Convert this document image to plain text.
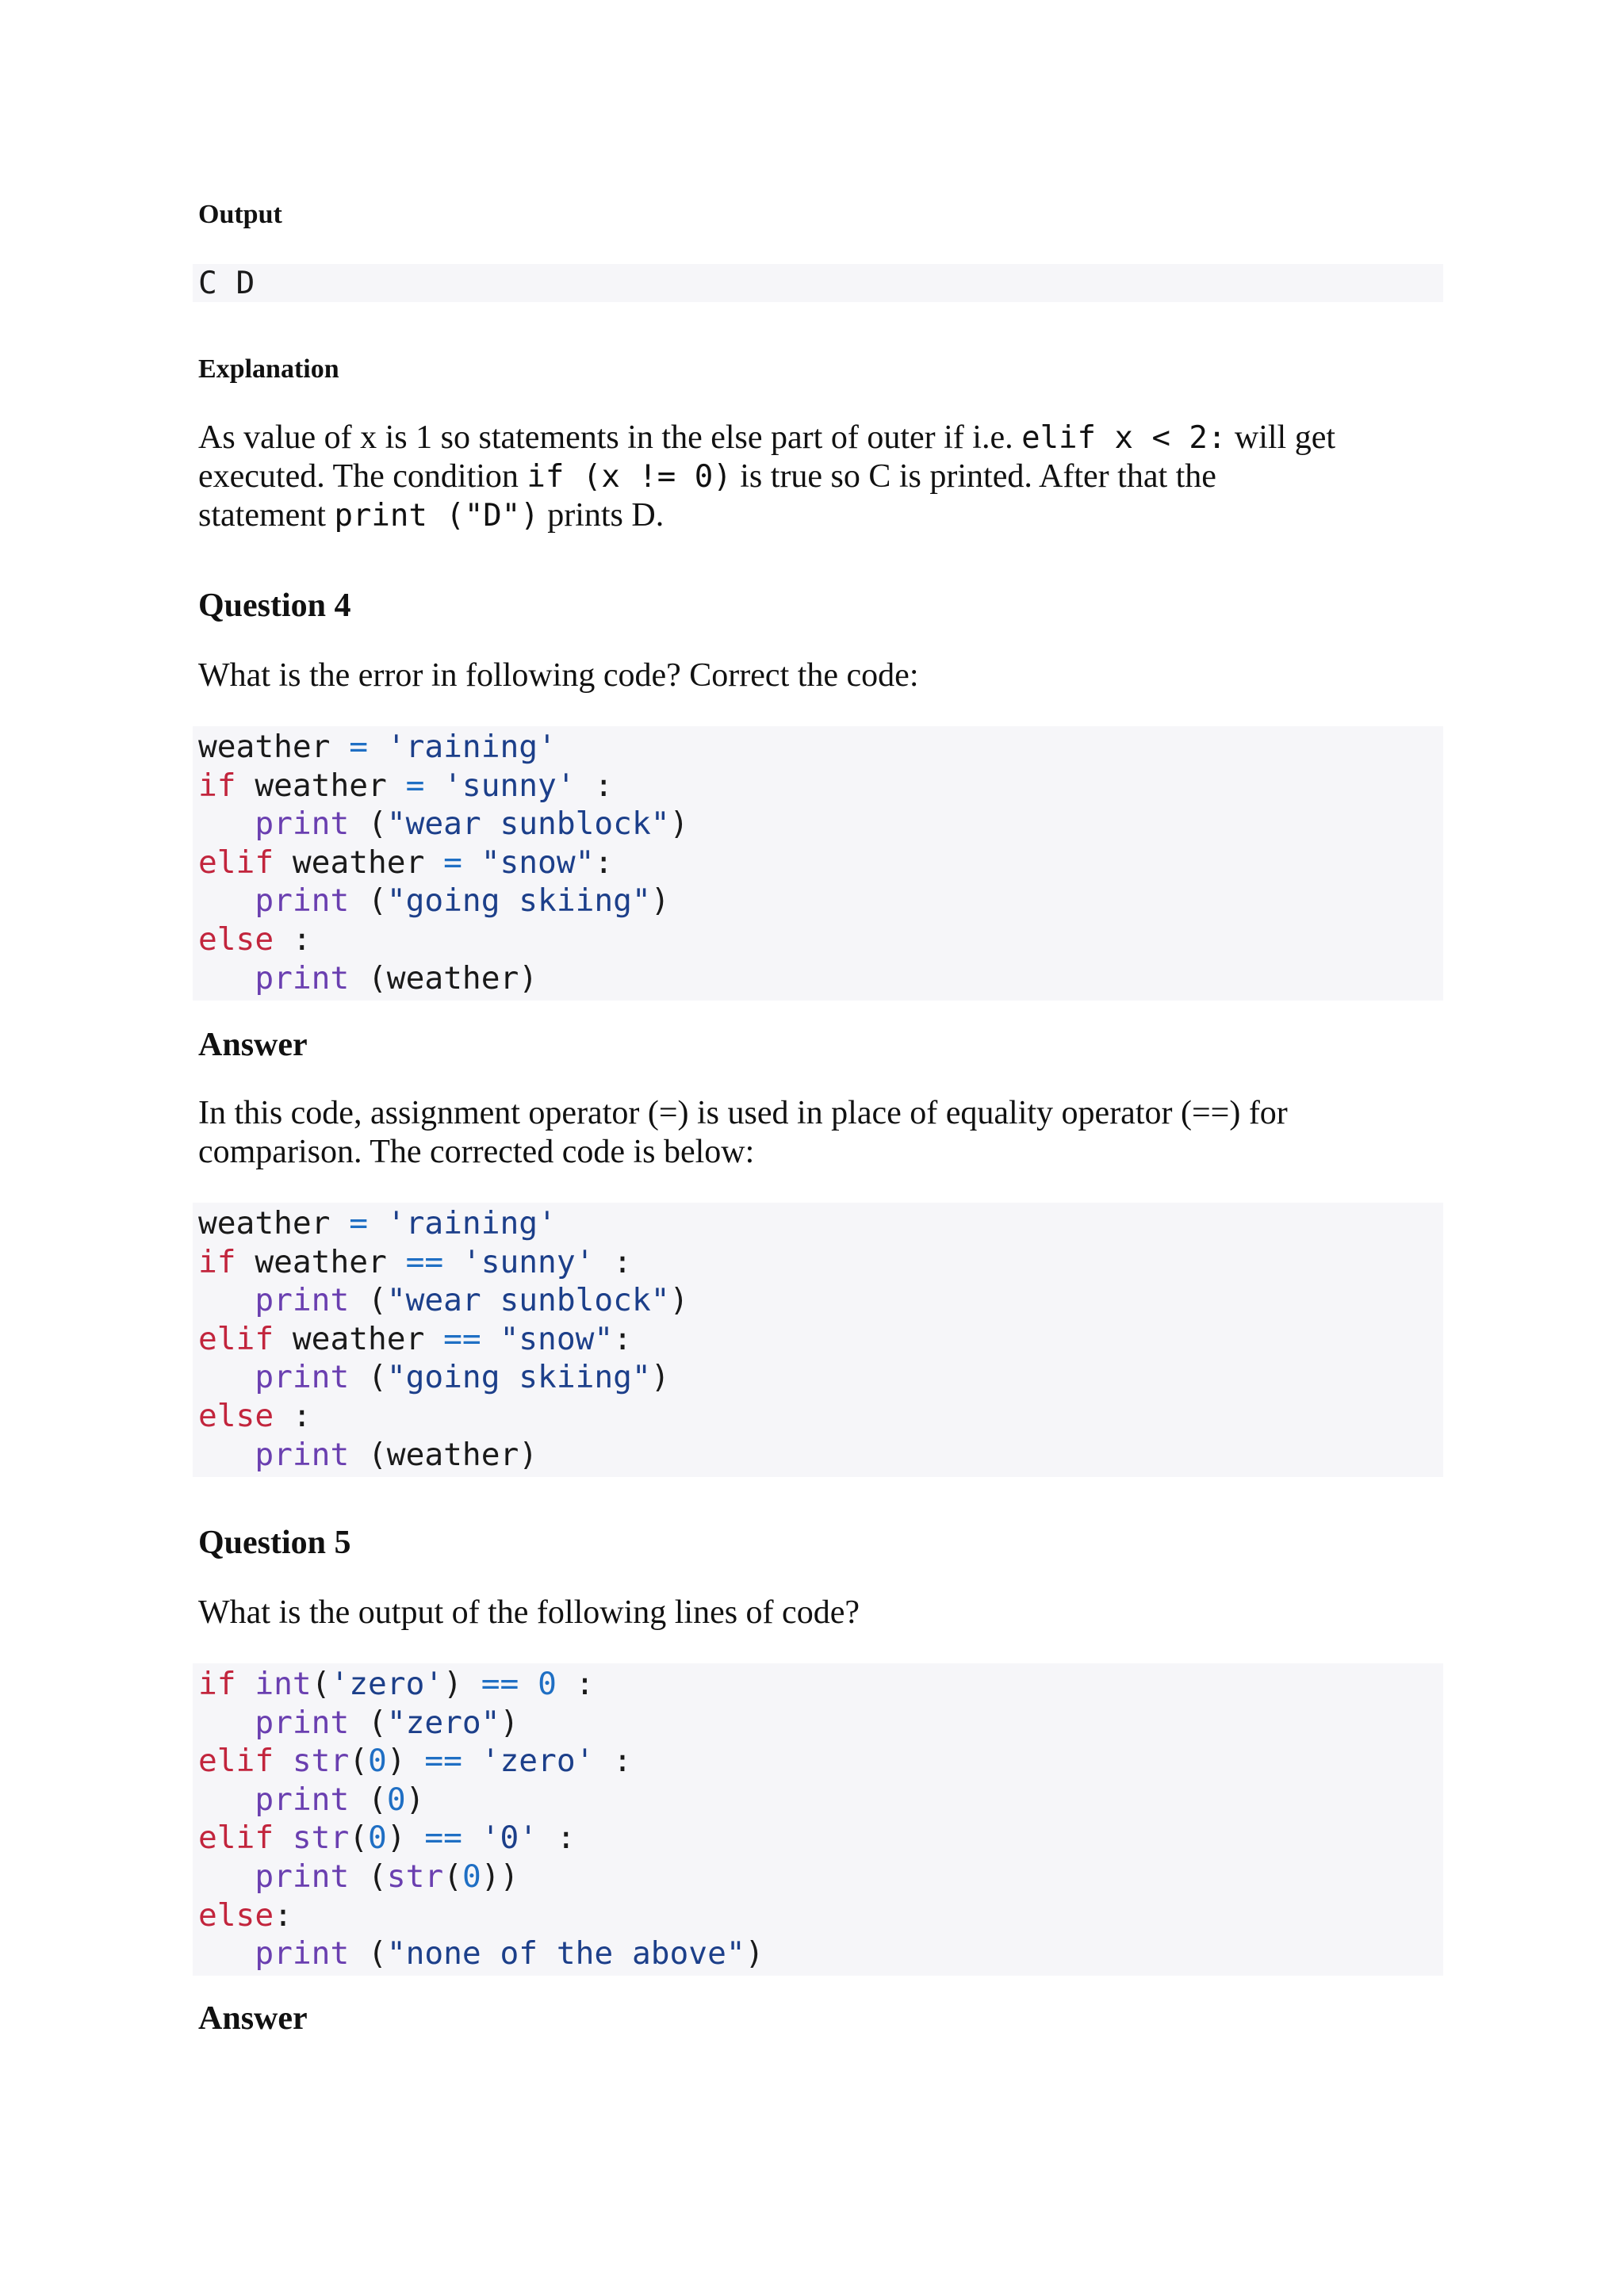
Output
C D
Explanation
As value of x is 1 so statements in the else part of outer if i.e. elif x < 2: will get
executed. The condition if (x != 0) is true so C is printed. After that the
statement print ("D") prints D.
Question 4
What is the error in following code? Correct the code:
weather = 'raining'
if weather = 'sunny' :
print ("wear sunblock")
elif weather = "snow":
print ("going skiing")
else :
print (weather)
Answer
In this code, assignment operator (=) is used in place of equality operator (==) for
comparison. The corrected code is below:
weather = 'raining'
if weather == 'sunny' :
print ("wear sunblock")
elif weather == "snow":
print ("going skiing")
else :
print (weather)
Question 5
What is the output of the following lines of code?
if int('zero') == 0 :
print ("zero")
elif str(0) == 'zero' :
print (0)
elif str(0) == '0' :
print (str(0))
else:
print ("none of the above")
Answer
